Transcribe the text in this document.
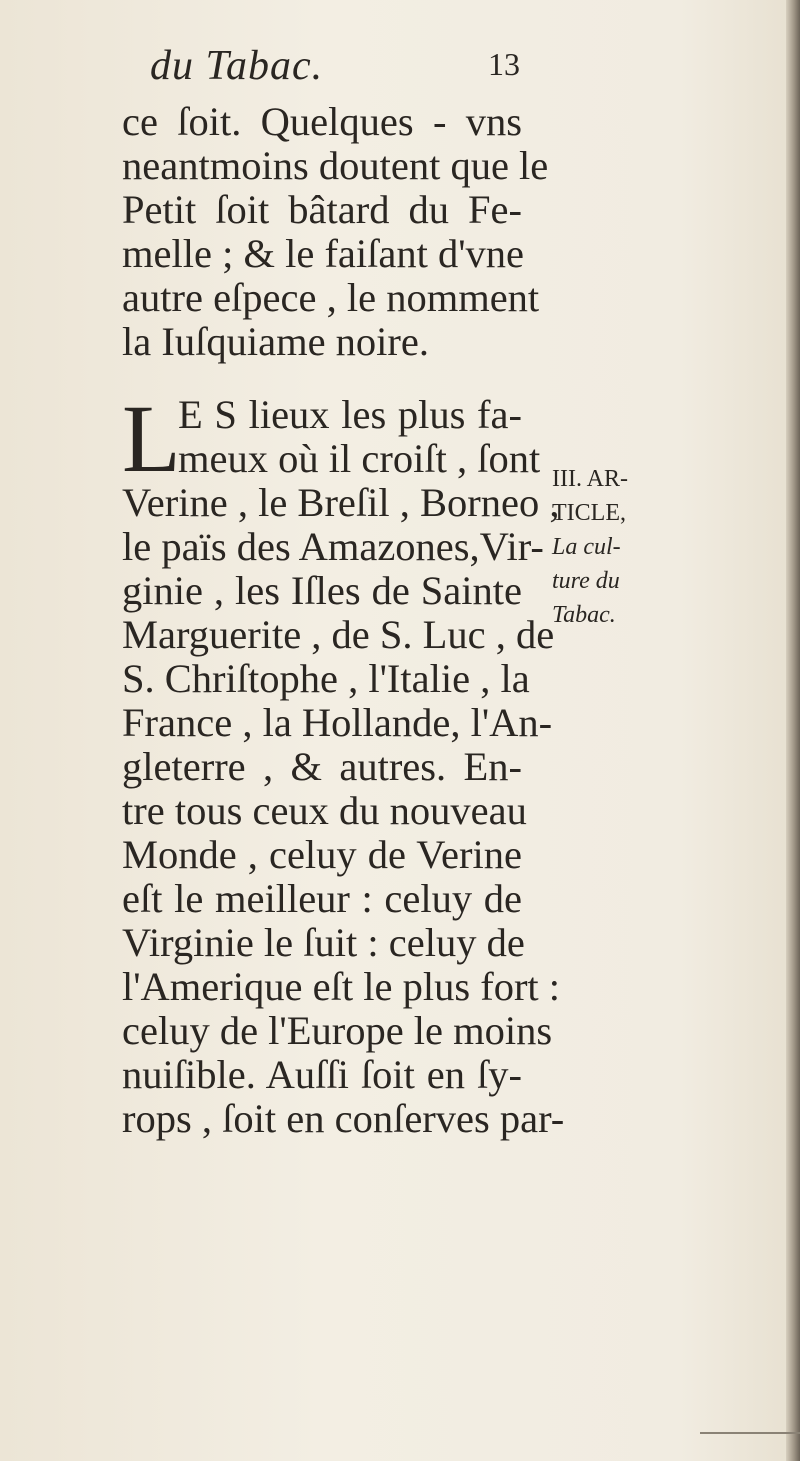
du Tabac.	13
ce ſoit. Quelques - vns
neantmoins doutent que le
Petit ſoit bâtard du Fe-
melle ; & le faiſant d'vne
autre eſpece , le nomment
la Iuſquiame noire.
L
E S lieux les plus fa-
meux où il croiſt , ſont
Verine , le Breſil , Borneo ,
le païs des Amazones,Vir-
ginie , les Iſles de Sainte
Marguerite , de S. Luc , de
S. Chriſtophe , l'Italie , la
France , la Hollande, l'An-
gleterre , & autres. En-
tre tous ceux du nouveau
Monde , celuy de Verine
eſt le meilleur : celuy de
Virginie le ſuit : celuy de
l'Amerique eſt le plus fort :
celuy de l'Europe le moins
nuiſible. Auſſi ſoit en ſy-
rops , ſoit en conſerves par-
III. AR-
TICLE,
La cul-
ture du
Tabac.
